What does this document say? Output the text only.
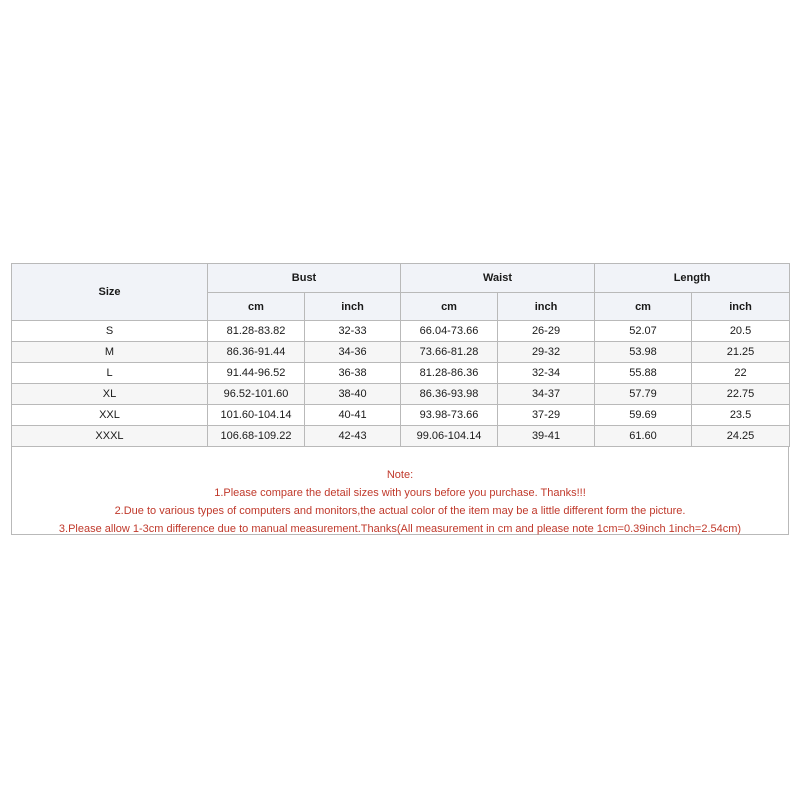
Size	Bust		Waist		Length	
	cm	inch	cm	inch	cm	inch
S	81.28-83.82	32-33	66.04-73.66	26-29	52.07	20.5
M	86.36-91.44	34-36	73.66-81.28	29-32	53.98	21.25
L	91.44-96.52	36-38	81.28-86.36	32-34	55.88	22
XL	96.52-101.60	38-40	86.36-93.98	34-37	57.79	22.75
XXL	101.60-104.14	40-41	93.98-73.66	37-29	59.69	23.5
XXXL	106.68-109.22	42-43	99.06-104.14	39-41	61.60	24.25
Note:
1.Please compare the detail sizes with yours before you purchase. Thanks!!!
2.Due to various types of computers and monitors,the actual color of the item may be a little different form the picture.
3.Please allow 1-3cm difference due to manual measurement.Thanks(All measurement in cm and please note 1cm=0.39inch 1inch=2.54cm)
